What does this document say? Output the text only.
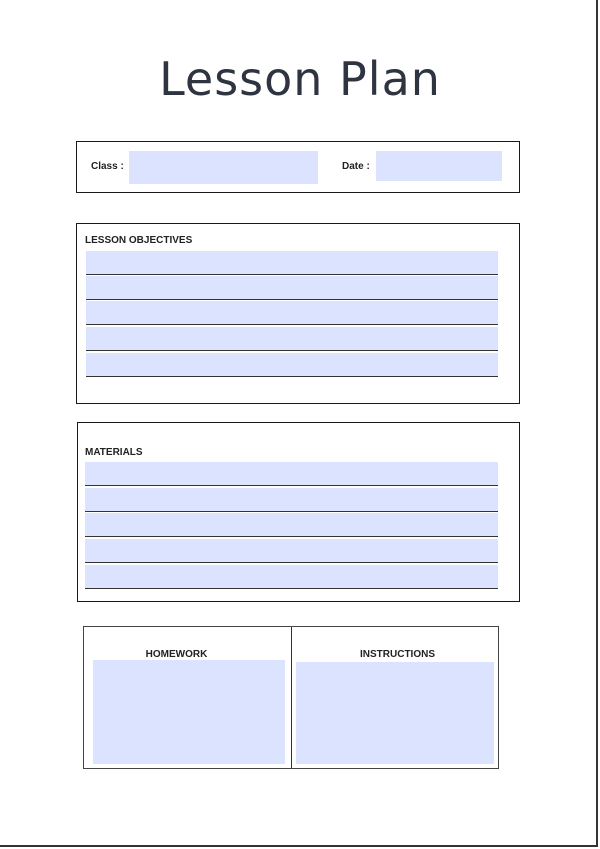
Lesson Plan
Class :	Date :
LESSON OBJECTIVES
MATERIALS
HOMEWORK	INSTRUCTIONS
